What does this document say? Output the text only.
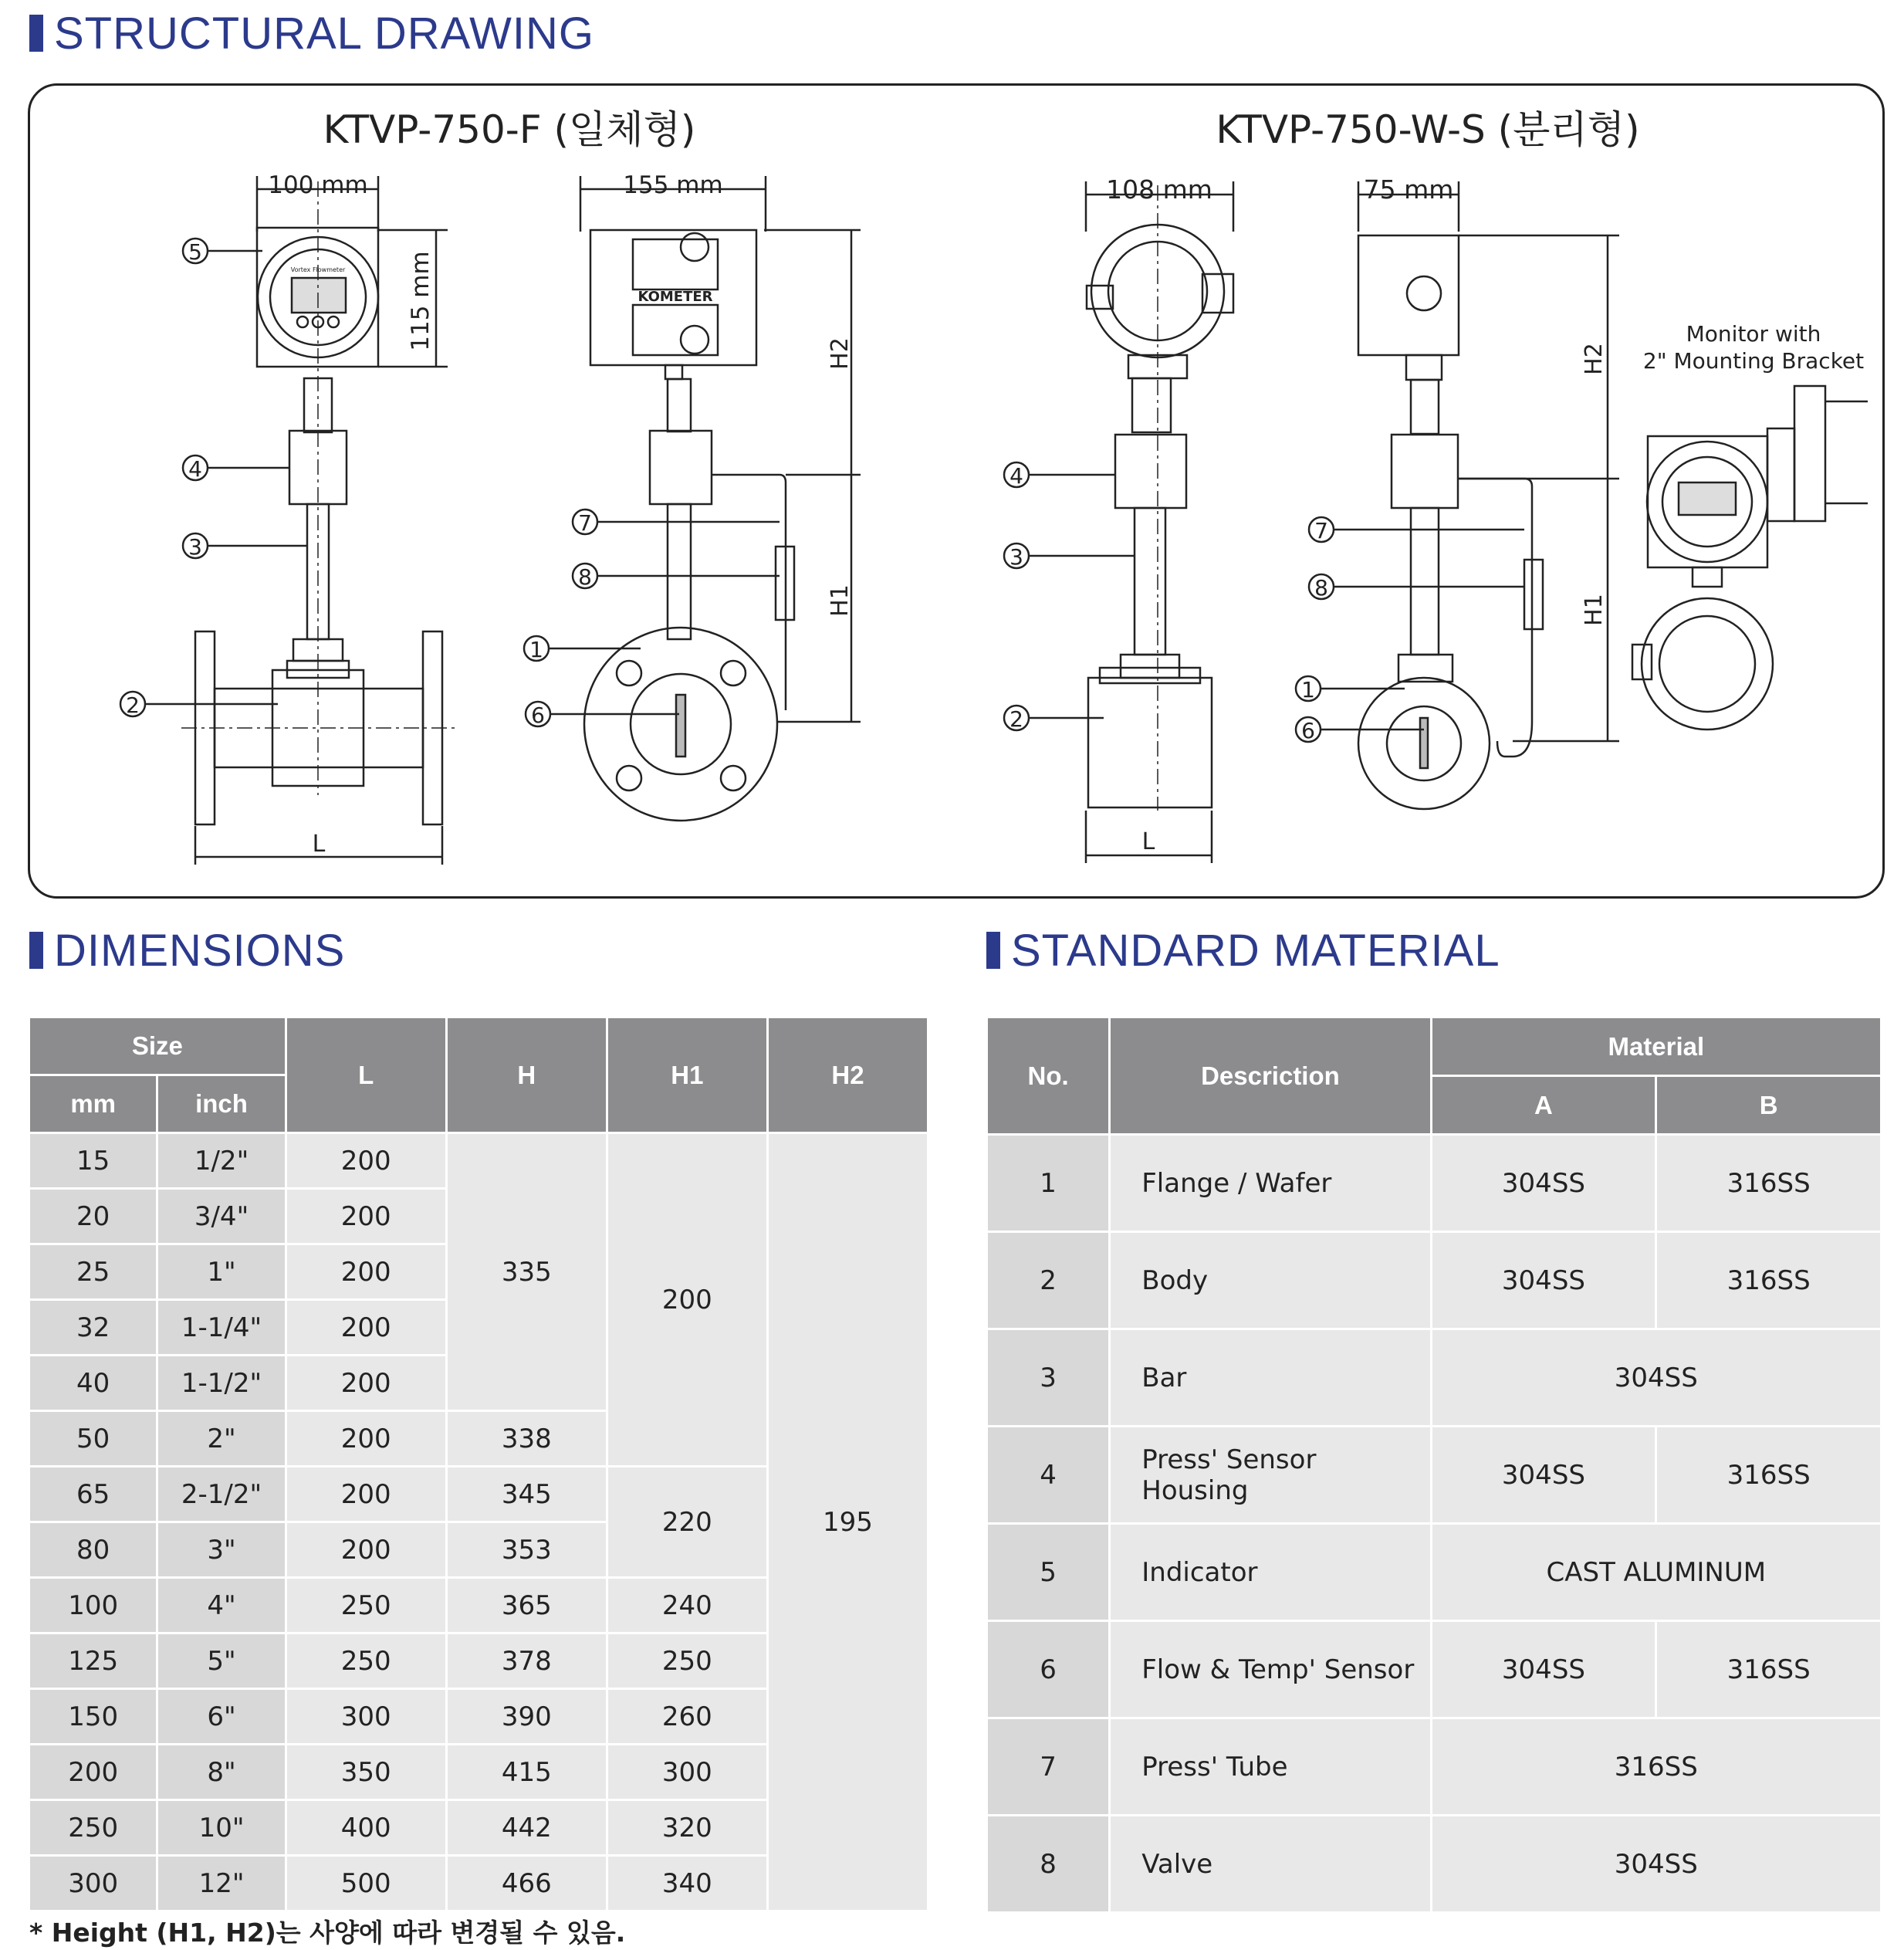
STRUCTURAL DRAWING
KTVP-750-F (일체형)	KTVP-750-W-S (분리형)
100 mm
Vortex Flowmeter	115 mm
L
155 mm
KOMETER
H2
H1
5
4
3
2
7
8
1
6
108 mm
L
75 mm
H2
H1
Monitor with
2" Mounting Bracket
4
3
2
7
8
1
6
DIMENSIONS	STANDARD MATERIAL
Size		L	H	H1	H2
mm	inch				
15	1/2"	200	335	200	195
20	3/4"	200			
25	1"	200			
32	1-1/4"	200			
40	1-1/2"	200			
50	2"	200	338		
65	2-1/2"	200	345	220	
80	3"	200	353		
100	4"	250	365	240	
125	5"	250	378	250	
150	6"	300	390	260	
200	8"	350	415	300	
250	10"	400	442	320	
300	12"	500	466	340	
* Height (H1, H2)는 사양에 따라 변경될 수 있음.
No.	Descriction	Material	
		A	B
1	Flange / Wafer	304SS	316SS
2	Body	304SS	316SS
3	Bar	304SS	
4	Press' Sensor Housing	304SS	316SS
5	Indicator	CAST ALUMINUM	
6	Flow & Temp' Sensor	304SS	316SS
7	Press' Tube	316SS	
8	Valve	304SS	
